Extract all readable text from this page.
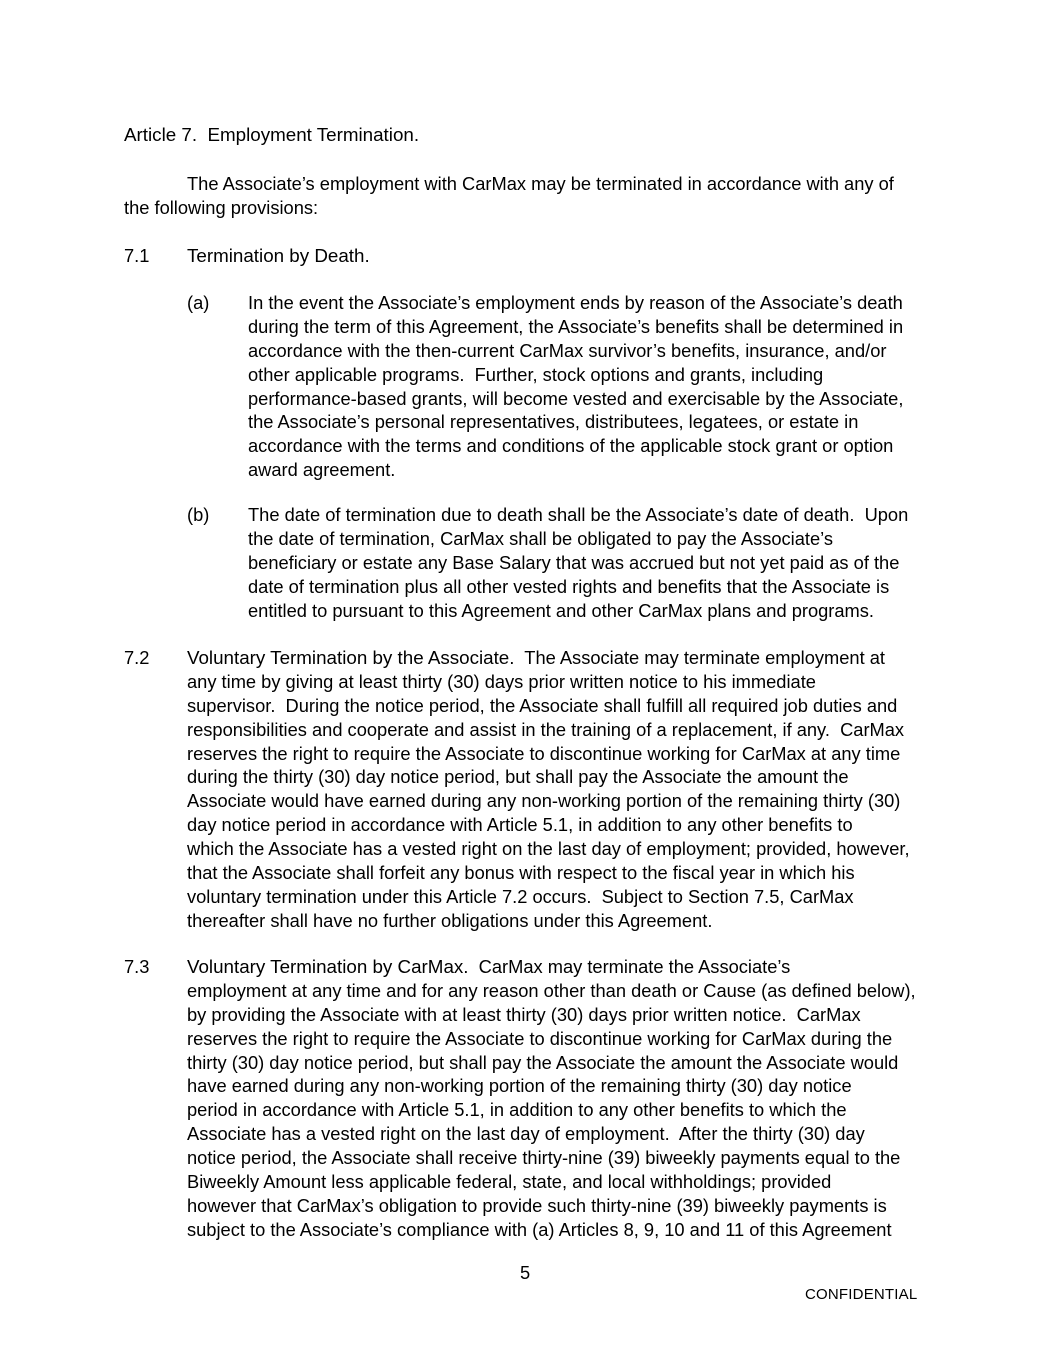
Article 7.  Employment Termination.
The Associate’s employment with CarMax may be terminated in accordance with any of
the following provisions:
7.1 Termination by Death.
(a) In the event the Associate’s employment ends by reason of the Associate’s death
during the term of this Agreement, the Associate’s benefits shall be determined in
accordance with the then-current CarMax survivor’s benefits, insurance, and/or
other applicable programs.  Further, stock options and grants, including
performance-based grants, will become vested and exercisable by the Associate,
the Associate’s personal representatives, distributees, legatees, or estate in
accordance with the terms and conditions of the applicable stock grant or option
award agreement.
(b) The date of termination due to death shall be the Associate’s date of death.  Upon
the date of termination, CarMax shall be obligated to pay the Associate’s
beneficiary or estate any Base Salary that was accrued but not yet paid as of the
date of termination plus all other vested rights and benefits that the Associate is
entitled to pursuant to this Agreement and other CarMax plans and programs.
7.2 Voluntary Termination by the Associate.  The Associate may terminate employment at
any time by giving at least thirty (30) days prior written notice to his immediate
supervisor.  During the notice period, the Associate shall fulfill all required job duties and
responsibilities and cooperate and assist in the training of a replacement, if any.  CarMax
reserves the right to require the Associate to discontinue working for CarMax at any time
during the thirty (30) day notice period, but shall pay the Associate the amount the
Associate would have earned during any non-working portion of the remaining thirty (30)
day notice period in accordance with Article 5.1, in addition to any other benefits to
which the Associate has a vested right on the last day of employment; provided, however,
that the Associate shall forfeit any bonus with respect to the fiscal year in which his
voluntary termination under this Article 7.2 occurs.  Subject to Section 7.5, CarMax
thereafter shall have no further obligations under this Agreement.
7.3 Voluntary Termination by CarMax.  CarMax may terminate the Associate’s
employment at any time and for any reason other than death or Cause (as defined below),
by providing the Associate with at least thirty (30) days prior written notice.  CarMax
reserves the right to require the Associate to discontinue working for CarMax during the
thirty (30) day notice period, but shall pay the Associate the amount the Associate would
have earned during any non-working portion of the remaining thirty (30) day notice
period in accordance with Article 5.1, in addition to any other benefits to which the
Associate has a vested right on the last day of employment.  After the thirty (30) day
notice period, the Associate shall receive thirty-nine (39) biweekly payments equal to the
Biweekly Amount less applicable federal, state, and local withholdings; provided
however that CarMax’s obligation to provide such thirty-nine (39) biweekly payments is
subject to the Associate’s compliance with (a) Articles 8, 9, 10 and 11 of this Agreement
5
CONFIDENTIAL
